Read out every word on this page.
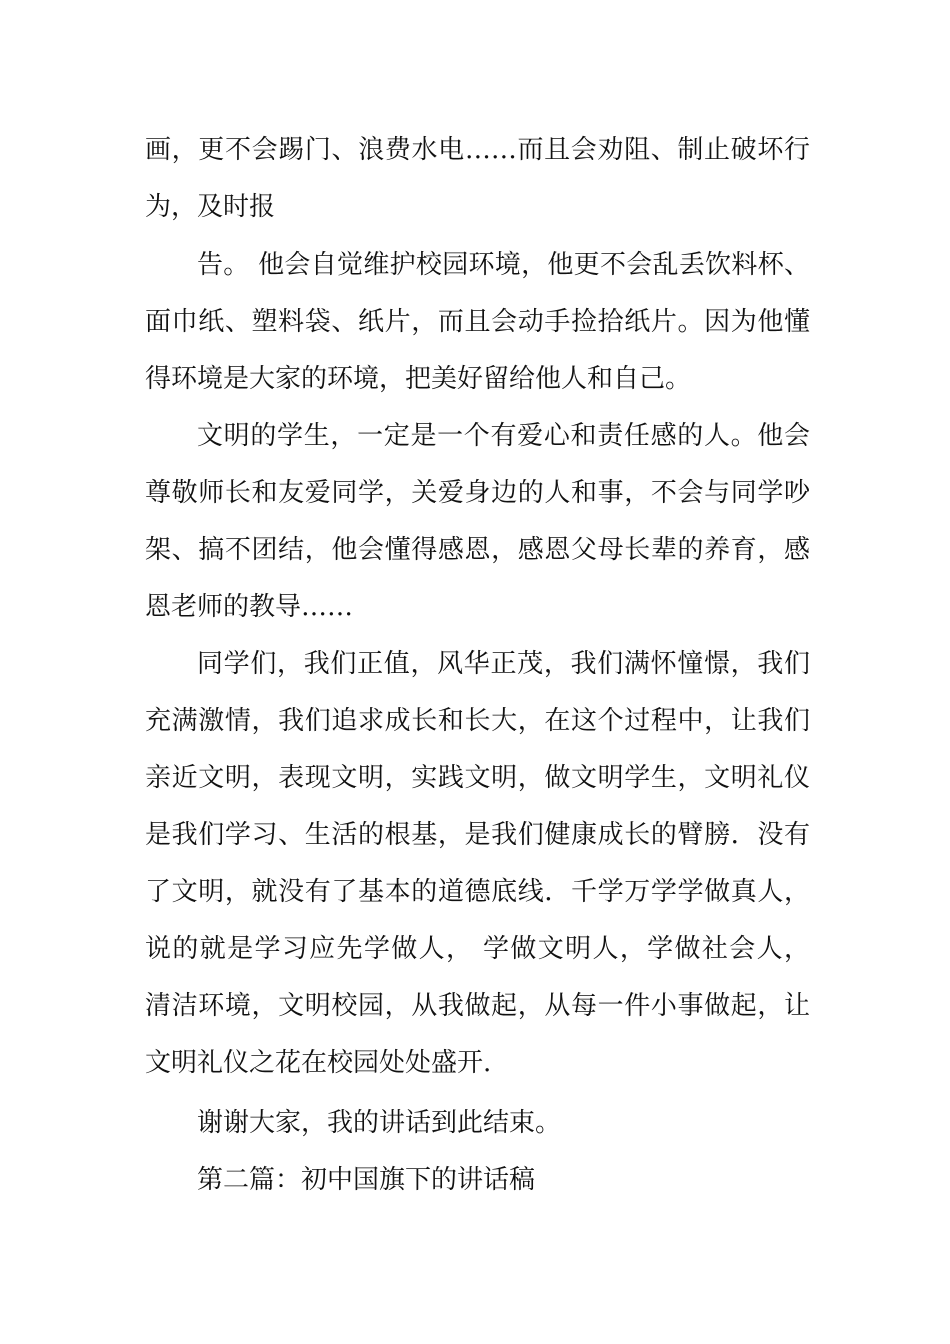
画，更不会踢门、浪费水电……而且会劝阻、制止破坏行

为，及时报

告。 他会自觉维护校园环境，他更不会乱丢饮料杯、

面巾纸、塑料袋、纸片，而且会动手捡拾纸片。因为他懂

得环境是大家的环境，把美好留给他人和自己。

文明的学生，一定是一个有爱心和责任感的人。他会

尊敬师长和友爱同学，关爱身边的人和事，不会与同学吵

架、搞不团结，他会懂得感恩，感恩父母长辈的养育，感

恩老师的教导……

同学们，我们正值，风华正茂，我们满怀憧憬，我们

充满激情，我们追求成长和长大，在这个过程中，让我们

亲近文明，表现文明，实践文明，做文明学生，文明礼仪

是我们学习、生活的根基，是我们健康成长的臂膀．没有

了文明，就没有了基本的道德底线．千学万学学做真人，

说的就是学习应先学做人， 学做文明人，学做社会人，

清洁环境，文明校园，从我做起，从每一件小事做起，让

文明礼仪之花在校园处处盛开.

谢谢大家，我的讲话到此结束。

第二篇：初中国旗下的讲话稿
